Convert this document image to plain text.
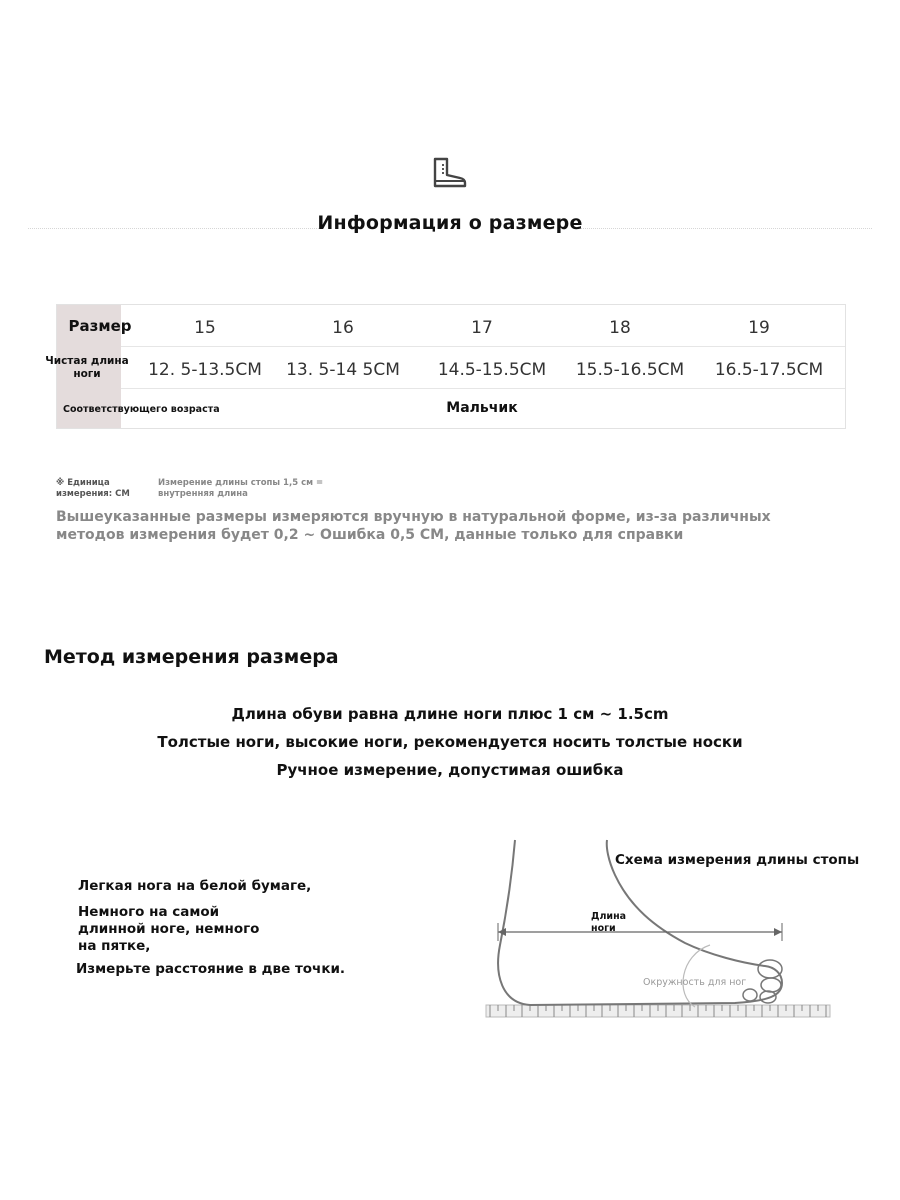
Информация о размере
Размер	15	16	17	18	19
Чистая длина ноги	12. 5-13.5CM	13. 5-14 5CM	14.5-15.5CM	15.5-16.5CM	16.5-17.5CM
Соответствующего возраста	Мальчик
※ Единица измерения: CM
Измерение длины стопы 1,5 см = внутренняя длина
Вышеуказанные размеры измеряются вручную в натуральной форме, из-за различных методов измерения будет 0,2 ~ Ошибка 0,5 CM, данные только для справки
Метод измерения размера
Длина обуви равна длине ноги плюс 1 см ~ 1.5cm
Толстые ноги, высокие ноги, рекомендуется носить толстые носки
Ручное измерение, допустимая ошибка
Легкая нога на белой бумаге,
Немного на самой длинной ноге, немного на пятке,
Измерьте расстояние в две точки.
Схема измерения длины стопы
Длина ноги
Окружность для ног
